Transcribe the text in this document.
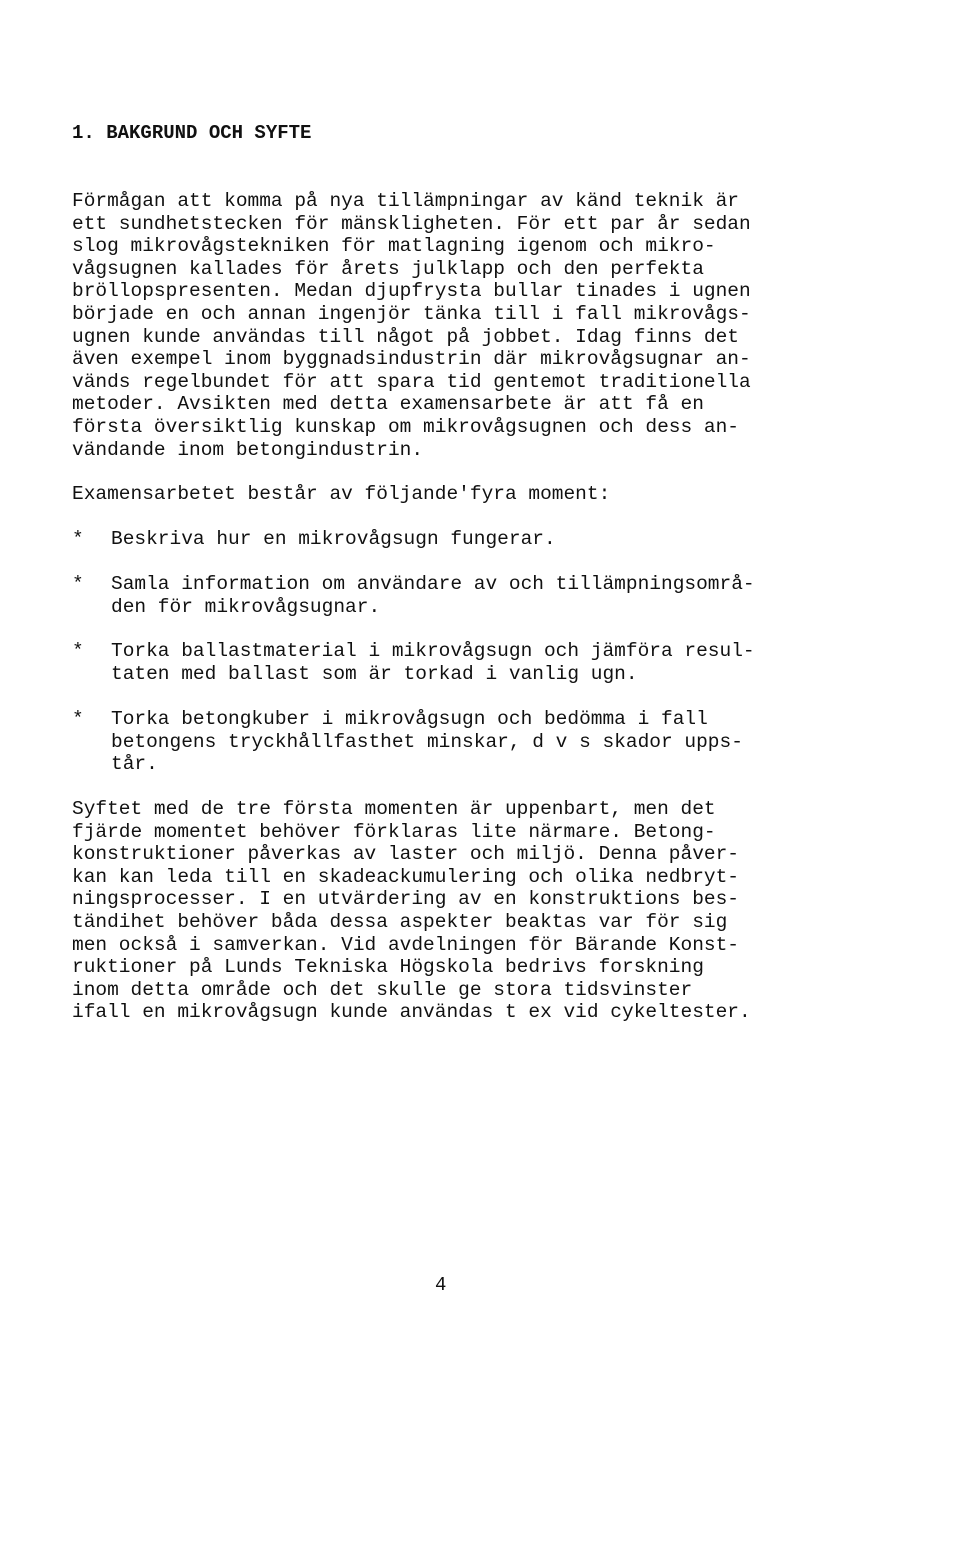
1. BAKGRUND OCH SYFTE

Förmågan att komma på nya tillämpningar av känd teknik är
ett sundhetstecken för mänskligheten. För ett par år sedan
slog mikrovågstekniken för matlagning igenom och mikro-
vågsugnen kallades för årets julklapp och den perfekta
bröllopspresenten. Medan djupfrysta bullar tinades i ugnen
började en och annan ingenjör tänka till i fall mikrovågs-
ugnen kunde användas till något på jobbet. Idag finns det
även exempel inom byggnadsindustrin där mikrovågsugnar an-
vänds regelbundet för att spara tid gentemot traditionella
metoder. Avsikten med detta examensarbete är att få en
första översiktlig kunskap om mikrovågsugnen och dess an-
vändande inom betongindustrin.

Examensarbetet består av följande'fyra moment:

* Beskriva hur en mikrovågsugn fungerar.
* Samla information om användare av och tillämpningsområ-
den för mikrovågsugnar.
* Torka ballastmaterial i mikrovågsugn och jämföra resul-
taten med ballast som är torkad i vanlig ugn.
* Torka betongkuber i mikrovågsugn och bedömma i fall
betongens tryckhållfasthet minskar, d v s skador upps-
tår.

Syftet med de tre första momenten är uppenbart, men det
fjärde momentet behöver förklaras lite närmare. Betong-
konstruktioner påverkas av laster och miljö. Denna påver-
kan kan leda till en skadeackumulering och olika nedbryt-
ningsprocesser. I en utvärdering av en konstruktions bes-
tändihet behöver båda dessa aspekter beaktas var för sig
men också i samverkan. Vid avdelningen för Bärande Konst-
ruktioner på Lunds Tekniska Högskola bedrivs forskning
inom detta område och det skulle ge stora tidsvinster
ifall en mikrovågsugn kunde användas t ex vid cykeltester.

4
